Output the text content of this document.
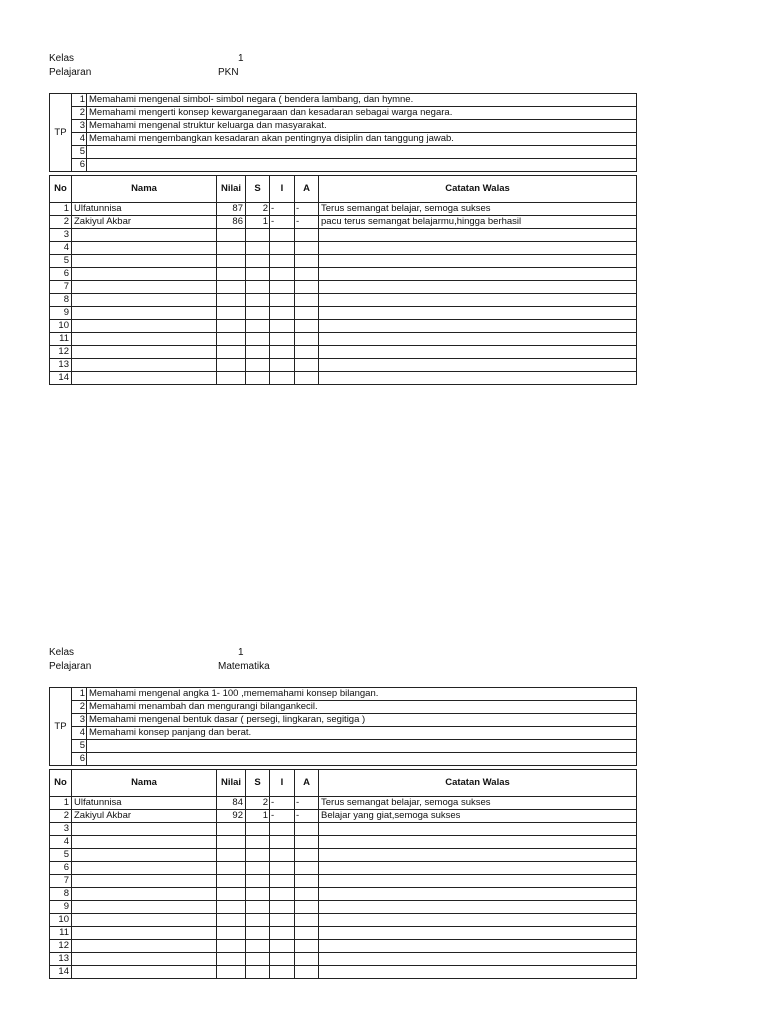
Kelas	1
Pelajaran	PKN
TP	1	Memahami mengenal simbol- simbol negara ( bendera lambang, dan hymne.
	2	Memahami mengerti konsep kewarganegaraan dan kesadaran sebagai warga negara.
	3	Memahami mengenal struktur keluarga dan masyarakat.
	4	Memahami mengembangkan kesadaran akan pentingnya disiplin dan tanggung jawab.
	5	
	6	
No	Nama	Nilai	S	I	A	Catatan Walas
1	Ulfatunnisa	87	2	-	-	Terus semangat belajar, semoga sukses
2	Zakiyul Akbar	86	1	-	-	pacu terus semangat belajarmu,hingga berhasil
3						
4						
5						
6						
7						
8						
9						
10						
11						
12						
13						
14						
Kelas	1
Pelajaran	Matematika
TP	1	Memahami mengenal angka 1- 100 ,mememahami konsep bilangan.
	2	Memahami menambah dan mengurangi bilangankecil.
	3	Memahami mengenal bentuk dasar ( persegi, lingkaran, segitiga )
	4	Memahami konsep panjang dan berat.
	5	
	6	
No	Nama	Nilai	S	I	A	Catatan Walas
1	Ulfatunnisa	84	2	-	-	Terus semangat belajar, semoga sukses
2	Zakiyul Akbar	92	1	-	-	Belajar yang giat,semoga sukses
3						
4						
5						
6						
7						
8						
9						
10						
11						
12						
13						
14						
